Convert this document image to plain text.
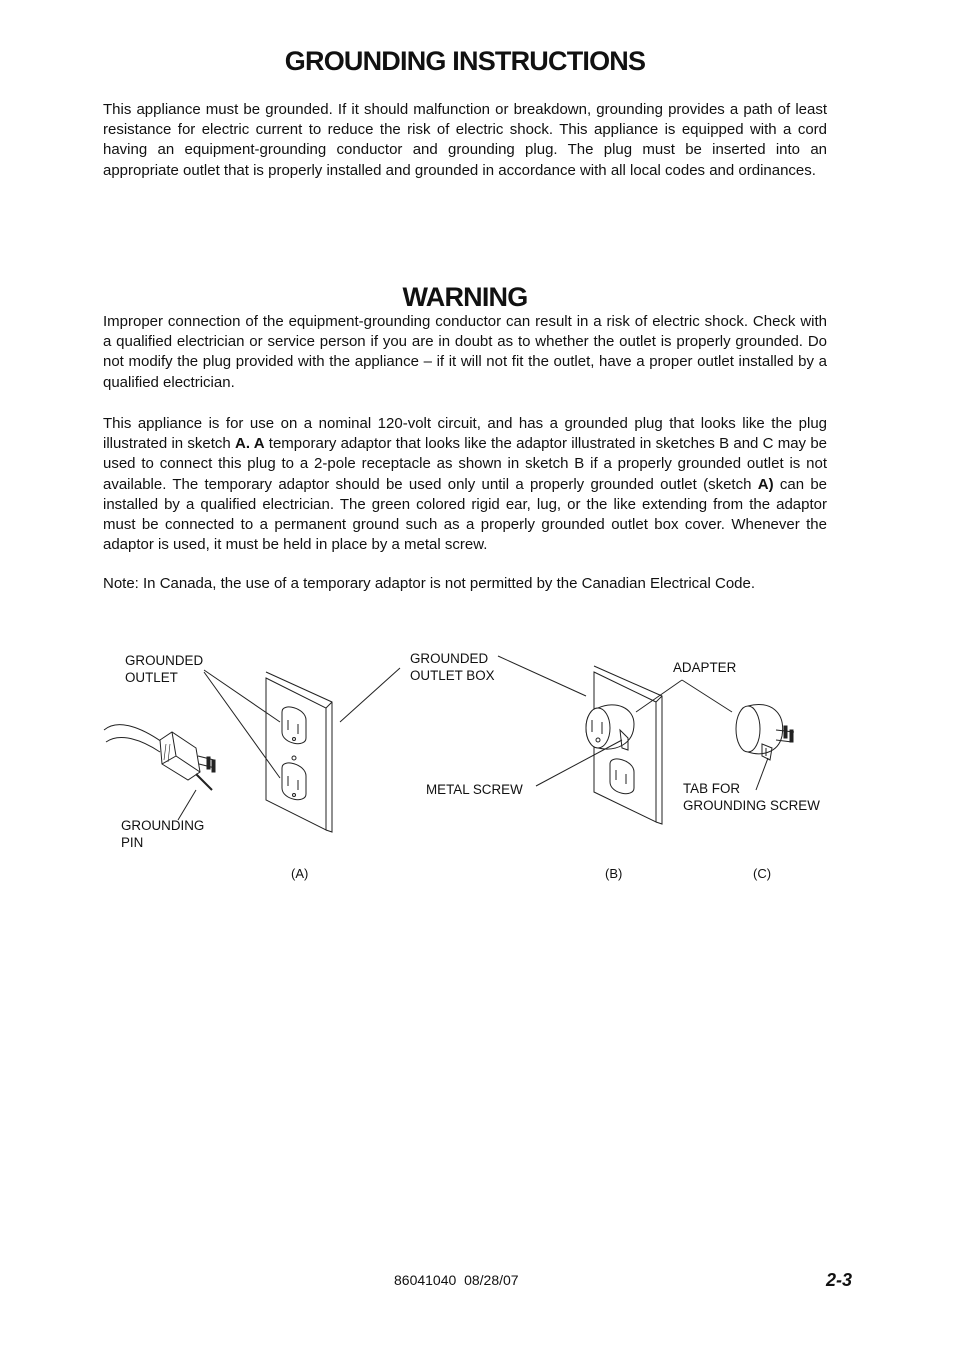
GROUNDING INSTRUCTIONS

This appliance must be grounded. If it should malfunction or breakdown, grounding provides a path of least resistance for electric current to reduce the risk of electric shock. This appliance is equipped with a cord having an equipment-grounding conductor and grounding plug. The plug must be inserted into an appropriate outlet that is properly installed and grounded in accordance with all local codes and ordinances.

WARNING

Improper connection of the equipment-grounding conductor can result in a risk of electric shock. Check with a qualified electrician or service person if you are in doubt as to whether the outlet is properly grounded. Do not modify the plug provided with the appliance – if it will not fit the outlet, have a proper outlet installed by a qualified electrician.

This appliance is for use on a nominal 120-volt circuit, and has a grounded plug that looks like the plug illustrated in sketch A. A temporary adaptor that looks like the adaptor illustrated in sketches B and C may be used to connect this plug to a 2-pole receptacle as shown in sketch B if a properly grounded outlet is not available. The temporary adaptor should be used only until a properly grounded outlet (sketch A) can be installed by a qualified electrician. The green colored rigid ear, lug, or the like extending from the adaptor must be connected to a permanent ground such as a properly grounded outlet box cover. Whenever the adaptor is used, it must be held in place by a metal screw.

Note: In Canada, the use of a temporary adaptor is not permitted by the Canadian Electrical Code.

GROUNDED
OUTLET
GROUNDED
OUTLET BOX	ADAPTER
GROUNDING
PIN
METAL SCREW	TAB FOR
GROUNDING SCREW
(A)	(B)	(C)
86041040  08/28/07	2-3
